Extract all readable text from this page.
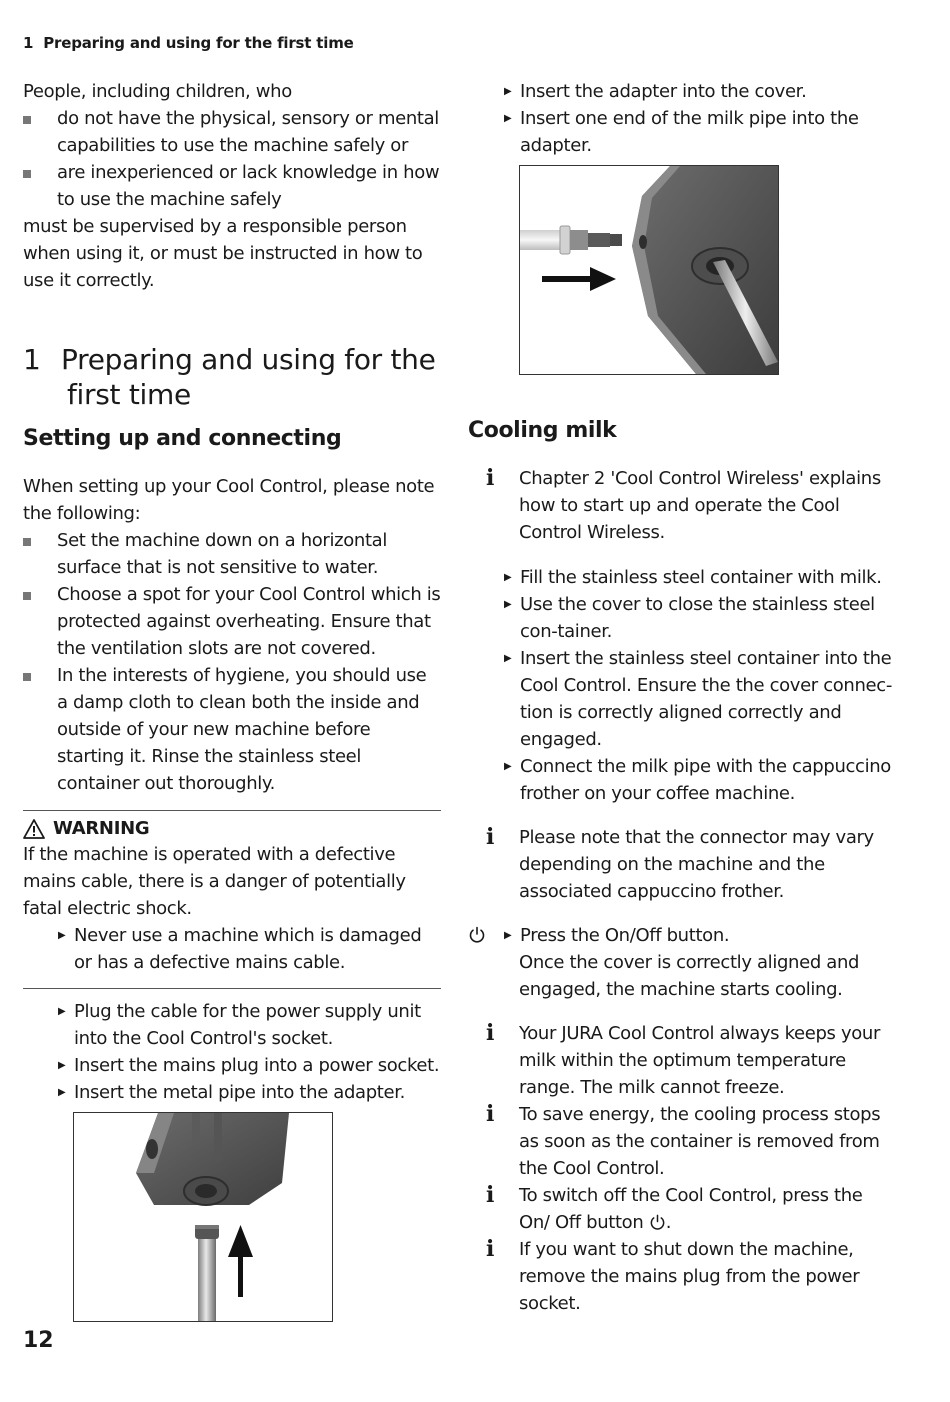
1 Preparing and using for the first time

People, including children, who

do not have the physical, sensory or mental capabilities to use the machine safely or
are inexperienced or lack knowledge in how to use the machine safely

must be supervised by a responsible person when using it, or must be instructed in how to use it correctly.

1 Preparing and using for the
first time
Setting up and connecting

When setting up your Cool Control, please note the following:

Set the machine down on a horizontal surface that is not sensitive to water.
Choose a spot for your Cool Control which is protected against overheating. Ensure that the ventilation slots are not covered.
In the interests of hygiene, you should use a damp cloth to clean both the inside and outside of your new machine before starting it. Rinse the stainless steel container out thoroughly.
WARNING

If the machine is operated with a defective mains cable, there is a danger of potentially fatal electric shock.

▶ Never use a machine which is damaged or has a defective mains cable.
▶ Plug the cable for the power supply unit into the Cool Control's socket.
▶ Insert the mains plug into a power socket.
▶ Insert the metal pipe into the adapter.
▶ Insert the adapter into the cover.
▶ Insert one end of the milk pipe into the adapter.
Cooling milk
i Chapter 2 'Cool Control Wireless' explains how to start up and operate the Cool Control Wireless.
▶ Fill the stainless steel container with milk.
▶ Use the cover to close the stainless steel con-tainer.
▶ Insert the stainless steel container into the Cool Control. Ensure the the cover connec-tion is correctly aligned correctly and engaged.
▶ Connect the milk pipe with the cappuccino frother on your coffee machine.
i Please note that the connector may vary depending on the machine and the associated cappuccino frother.
▶ Press the On/Off button.
Once the cover is correctly aligned and engaged, the machine starts cooling.
i Your JURA Cool Control always keeps your milk within the optimum temperature range. The milk cannot freeze.
i To save energy, the cooling process stops as soon as the container is removed from the Cool Control.
i To switch off the Cool Control, press the On/ Off button .
i If you want to shut down the machine, remove the mains plug from the power socket.
12
